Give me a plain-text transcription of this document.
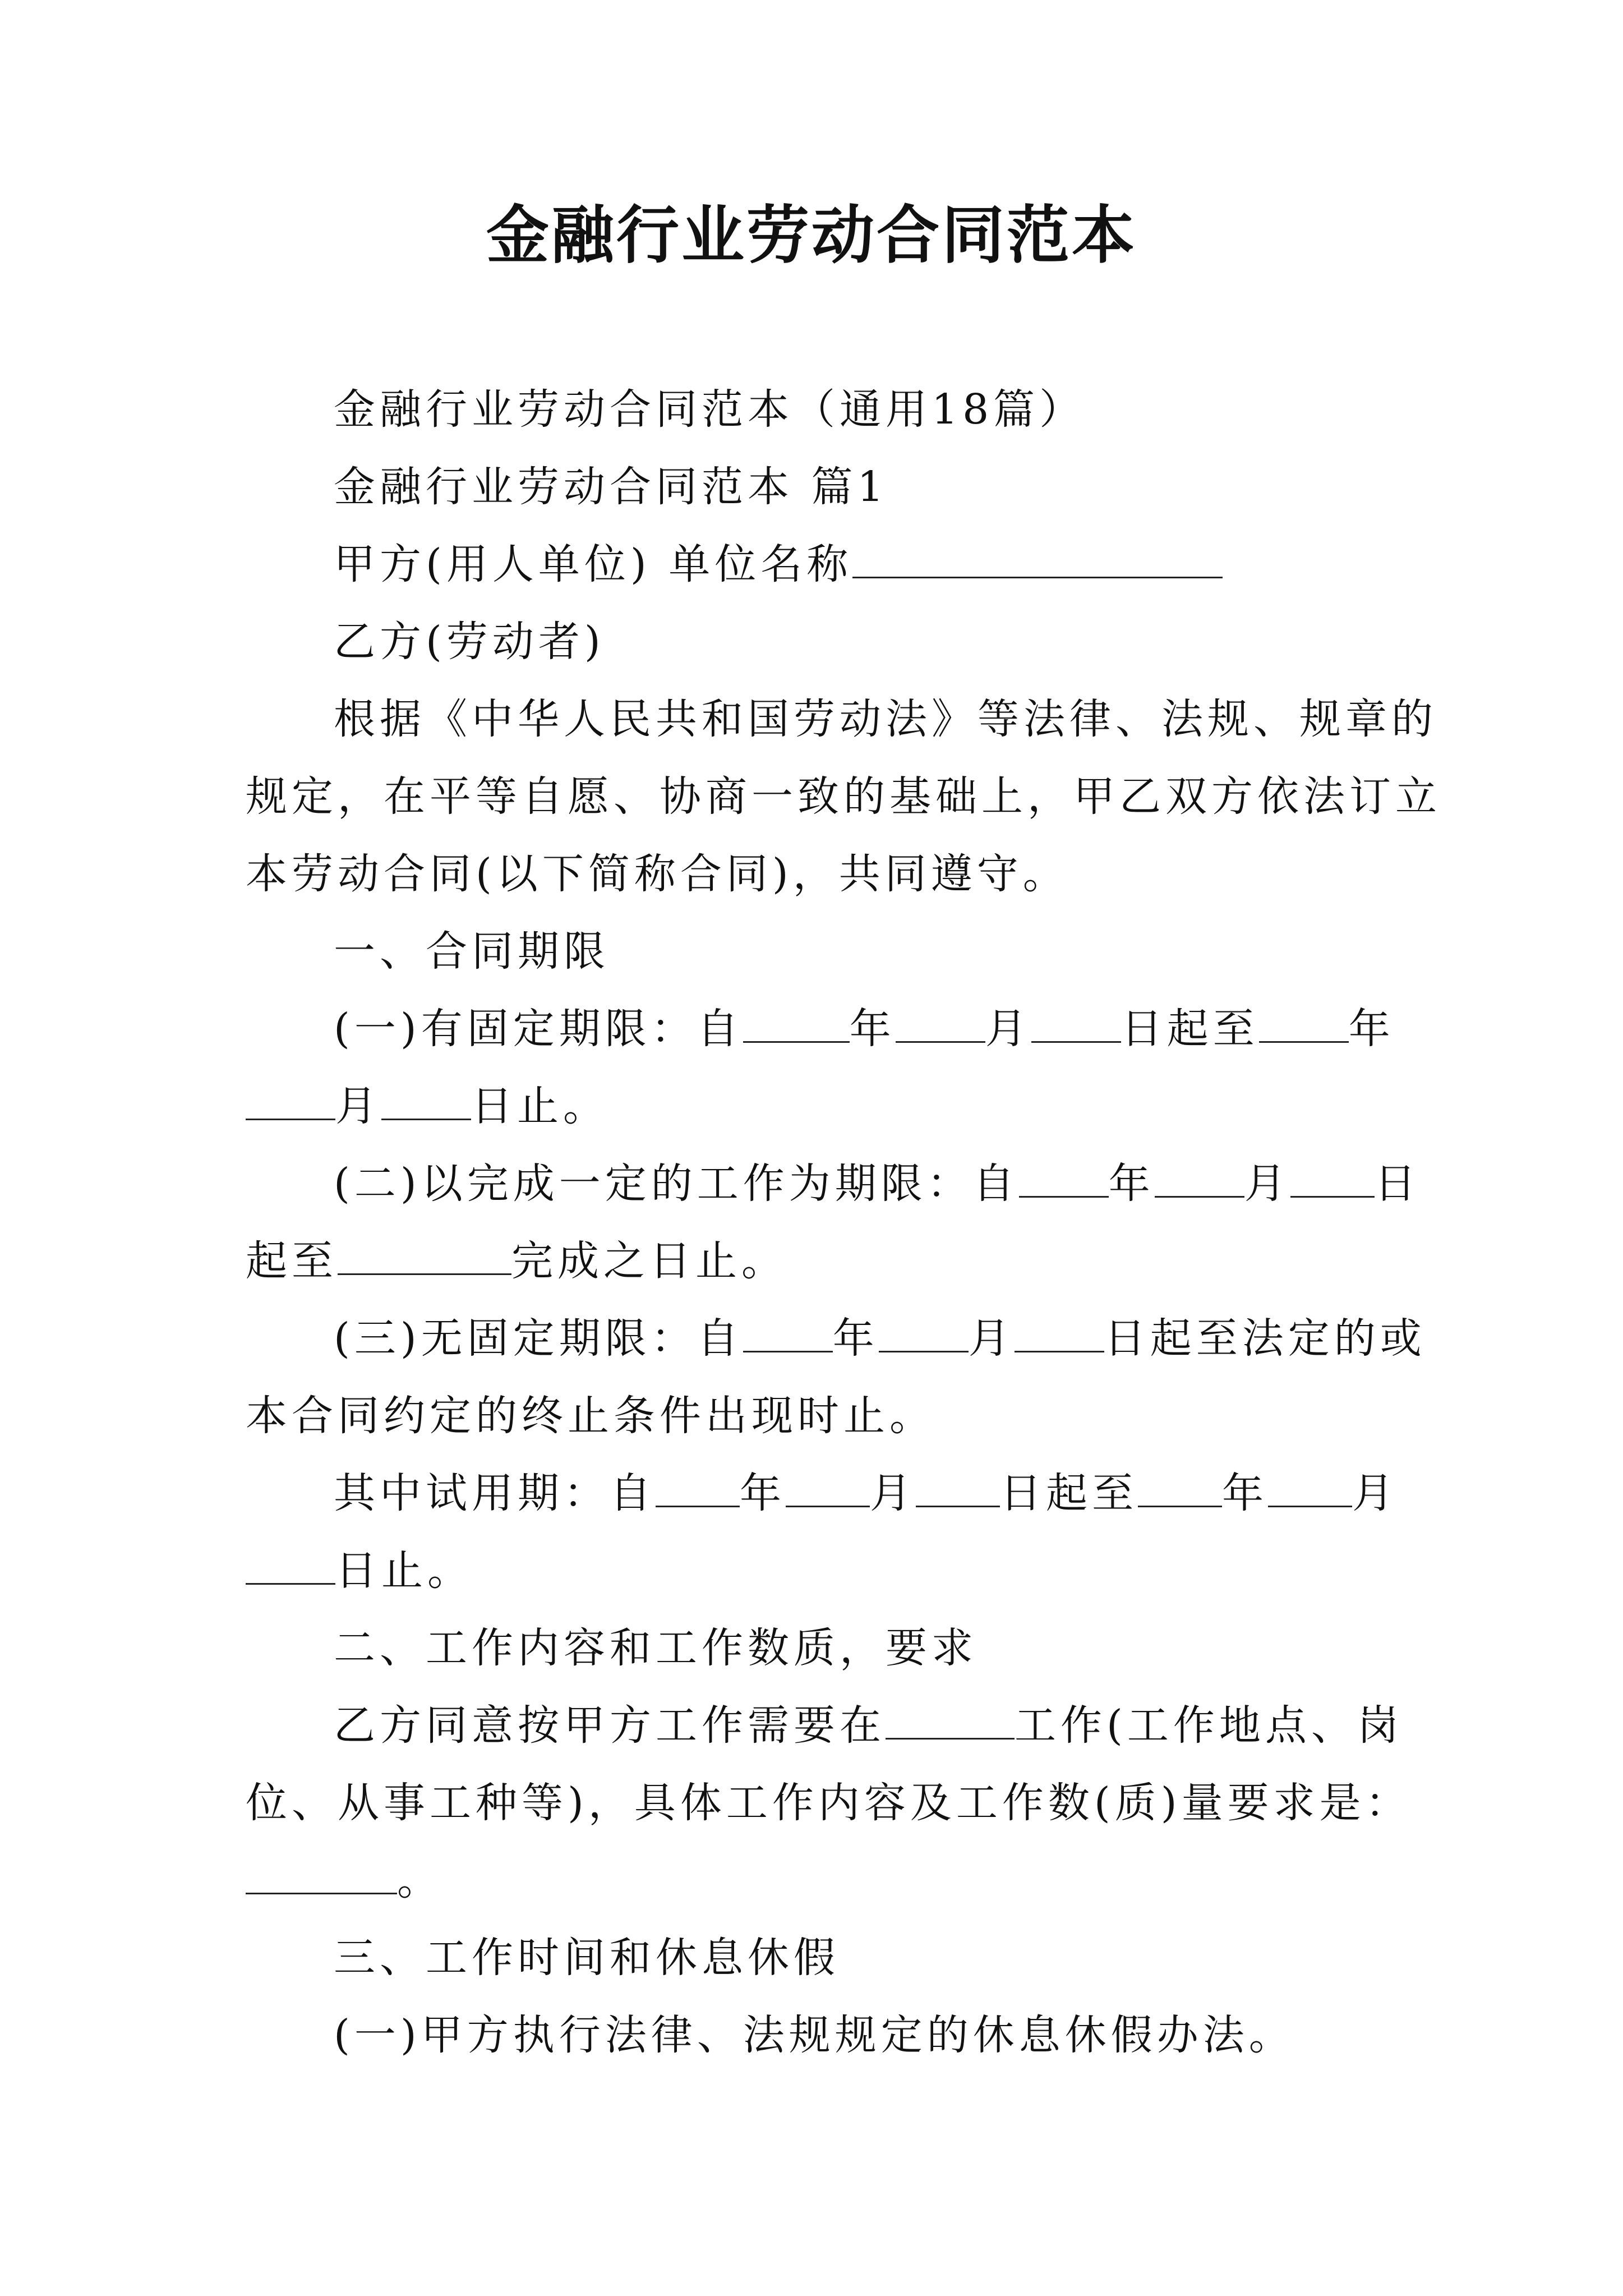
金融行业劳动合同范本
金融行业劳动合同范本（通用18篇）
金融行业劳动合同范本 篇1
甲方(用人单位) 单位名称
乙方(劳动者)
根据《中华人民共和国劳动法》等法律、法规、规章的
规定，在平等自愿、协商一致的基础上，甲乙双方依法订立
本劳动合同(以下简称合同)，共同遵守。
一、合同期限
(一)有固定期限：自	年 月 日起至 年
月 日止。
(二)以完成一定的工作为期限：自 年 月 日
起至	完成之日止。
(三)无固定期限：自 年 月 日起至法定的或
本合同约定的终止条件出现时止。
其中试用期：自 年 月 日起至 年 月
日止。
二、工作内容和工作数质，要求
乙方同意按甲方工作需要在	工作(工作地点、岗
位、从事工种等)，具体工作内容及工作数(质)量要求是：
。
三、工作时间和休息休假
(一)甲方执行法律、法规规定的休息休假办法。
